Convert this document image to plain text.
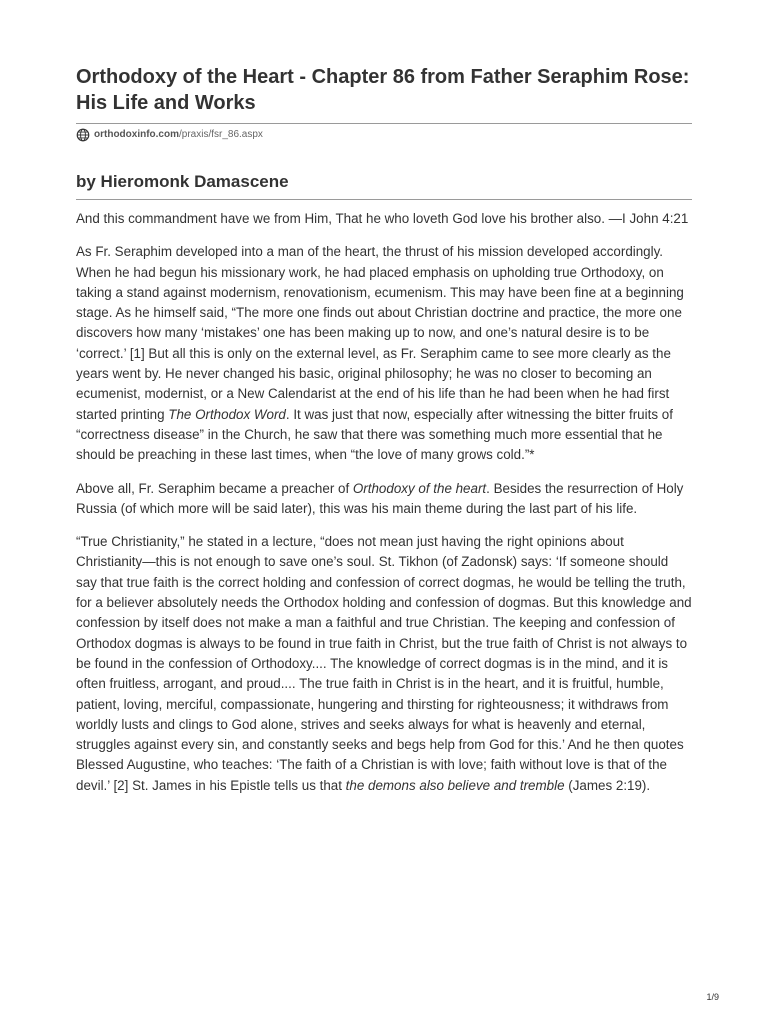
Orthodoxy of the Heart - Chapter 86 from Father Seraphim Rose: His Life and Works
orthodoxinfo.com /praxis/fsr_86.aspx
by Hieromonk Damascene

And this commandment have we from Him, That he who loveth God love his brother also. —I John 4:21

As Fr. Seraphim developed into a man of the heart, the thrust of his mission developed accordingly. When he had begun his missionary work, he had placed emphasis on upholding true Orthodoxy, on taking a stand against modernism, renovationism, ecumenism. This may have been fine at a beginning stage. As he himself said, “The more one finds out about Christian doctrine and practice, the more one discovers how many ‘mistakes’ one has been making up to now, and one’s natural desire is to be ‘correct.’ [1] But all this is only on the external level, as Fr. Seraphim came to see more clearly as the years went by. He never changed his basic, original philosophy; he was no closer to becoming an ecumenist, modernist, or a New Calendarist at the end of his life than he had been when he had first started printing The Orthodox Word. It was just that now, especially after witnessing the bitter fruits of “correctness disease” in the Church, he saw that there was something much more essential that he should be preaching in these last times, when “the love of many grows cold.”*

Above all, Fr. Seraphim became a preacher of Orthodoxy of the heart. Besides the resurrection of Holy Russia (of which more will be said later), this was his main theme during the last part of his life.

“True Christianity,” he stated in a lecture, “does not mean just having the right opinions about Christianity—this is not enough to save one’s soul. St. Tikhon (of Zadonsk) says: ‘If someone should say that true faith is the correct holding and confession of correct dogmas, he would be telling the truth, for a believer absolutely needs the Orthodox holding and confession of dogmas. But this knowledge and confession by itself does not make a man a faithful and true Christian. The keeping and confession of Orthodox dogmas is always to be found in true faith in Christ, but the true faith of Christ is not always to be found in the confession of Orthodoxy.... The knowledge of correct dogmas is in the mind, and it is often fruitless, arrogant, and proud.... The true faith in Christ is in the heart, and it is fruitful, humble, patient, loving, merciful, compassionate, hungering and thirsting for righteousness; it withdraws from worldly lusts and clings to God alone, strives and seeks always for what is heavenly and eternal, struggles against every sin, and constantly seeks and begs help from God for this.’ And he then quotes Blessed Augustine, who teaches: ‘The faith of a Christian is with love; faith without love is that of the devil.’ [2] St. James in his Epistle tells us that the demons also believe and tremble (James 2:19).

1/9
